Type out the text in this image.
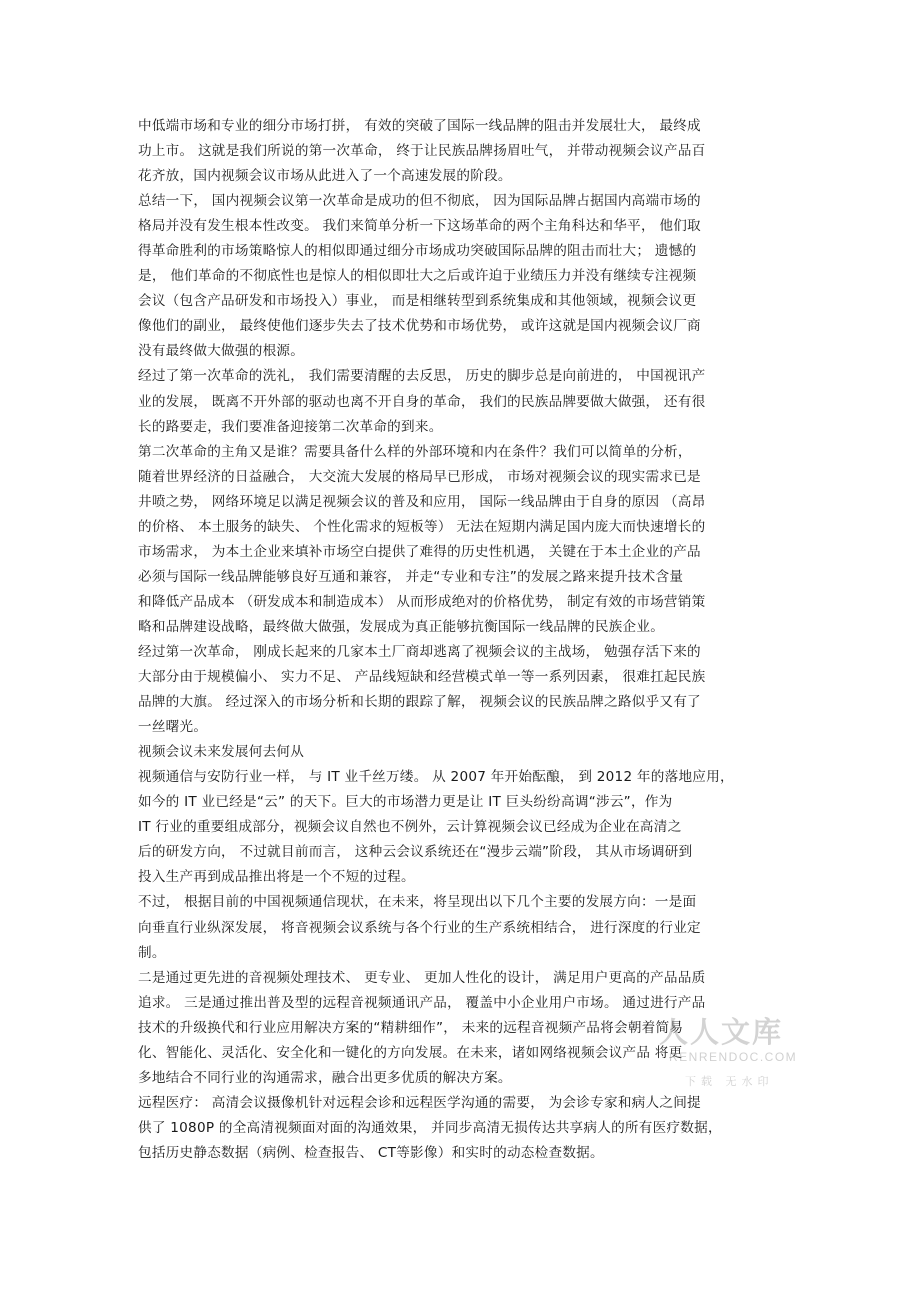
中低端市场和专业的细分市场打拼， 有效的突破了国际一线品牌的阻击并发展壮大， 最终成

功上市。 这就是我们所说的第一次革命， 终于让民族品牌扬眉吐气， 并带动视频会议产品百

花齐放，国内视频会议市场从此进入了一个高速发展的阶段。

总结一下， 国内视频会议第一次革命是成功的但不彻底， 因为国际品牌占据国内高端市场的

格局并没有发生根本性改变。 我们来简单分析一下这场革命的两个主角科达和华平， 他们取

得革命胜利的市场策略惊人的相似即通过细分市场成功突破国际品牌的阻击而壮大； 遗憾的

是， 他们革命的不彻底性也是惊人的相似即壮大之后或许迫于业绩压力并没有继续专注视频

会议（包含产品研发和市场投入）事业， 而是相继转型到系统集成和其他领域，视频会议更

像他们的副业， 最终使他们逐步失去了技术优势和市场优势， 或许这就是国内视频会议厂商

没有最终做大做强的根源。

经过了第一次革命的洗礼， 我们需要清醒的去反思， 历史的脚步总是向前进的， 中国视讯产

业的发展， 既离不开外部的驱动也离不开自身的革命， 我们的民族品牌要做大做强， 还有很

长的路要走，我们要准备迎接第二次革命的到来。

第二次革命的主角又是谁？需要具备什么样的外部环境和内在条件？我们可以简单的分析，

随着世界经济的日益融合， 大交流大发展的格局早已形成， 市场对视频会议的现实需求已是

井喷之势， 网络环境足以满足视频会议的普及和应用， 国际一线品牌由于自身的原因 （高昂

的价格、 本土服务的缺失、 个性化需求的短板等） 无法在短期内满足国内庞大而快速增长的

市场需求， 为本土企业来填补市场空白提供了难得的历史性机遇， 关键在于本土企业的产品

必须与国际一线品牌能够良好互通和兼容， 并走“专业和专注”的发展之路来提升技术含量

和降低产品成本 （研发成本和制造成本） 从而形成绝对的价格优势， 制定有效的市场营销策

略和品牌建设战略，最终做大做强，发展成为真正能够抗衡国际一线品牌的民族企业。

经过第一次革命， 刚成长起来的几家本土厂商却逃离了视频会议的主战场， 勉强存活下来的

大部分由于规模偏小、 实力不足、 产品线短缺和经营模式单一等一系列因素， 很难扛起民族

品牌的大旗。 经过深入的市场分析和长期的跟踪了解， 视频会议的民族品牌之路似乎又有了

一丝曙光。

视频会议未来发展何去何从

视频通信与安防行业一样， 与 IT 业千丝万缕。 从 2007 年开始酝酿， 到 2012 年的落地应用，

如今的 IT 业已经是“云” 的天下。巨大的市场潜力更是让 IT 巨头纷纷高调“涉云”，作为

IT 行业的重要组成部分，视频会议自然也不例外，云计算视频会议已经成为企业在高清之

后的研发方向， 不过就目前而言， 这种云会议系统还在“漫步云端”阶段， 其从市场调研到

投入生产再到成品推出将是一个不短的过程。

不过， 根据目前的中国视频通信现状，在未来，将呈现出以下几个主要的发展方向：一是面

向垂直行业纵深发展， 将音视频会议系统与各个行业的生产系统相结合， 进行深度的行业定

制。

二是通过更先进的音视频处理技术、 更专业、 更加人性化的设计， 满足用户更高的产品品质

追求。 三是通过推出普及型的远程音视频通讯产品， 覆盖中小企业用户市场。 通过进行产品

技术的升级换代和行业应用解决方案的“精耕细作”， 未来的远程音视频产品将会朝着简易

化、智能化、灵活化、安全化和一键化的方向发展。在未来，诸如网络视频会议产品 将更

多地结合不同行业的沟通需求，融合出更多优质的解决方案。

远程医疗： 高清会议摄像机针对远程会诊和远程医学沟通的需要， 为会诊专家和病人之间提

供了 1080P 的全高清视频面对面的沟通效果， 并同步高清无损传达共享病人的所有医疗数据，

包括历史静态数据（病例、检查报告、 CT等影像）和实时的动态检查数据。

人人文库
RENRENDOC.COM
下载 无水印
